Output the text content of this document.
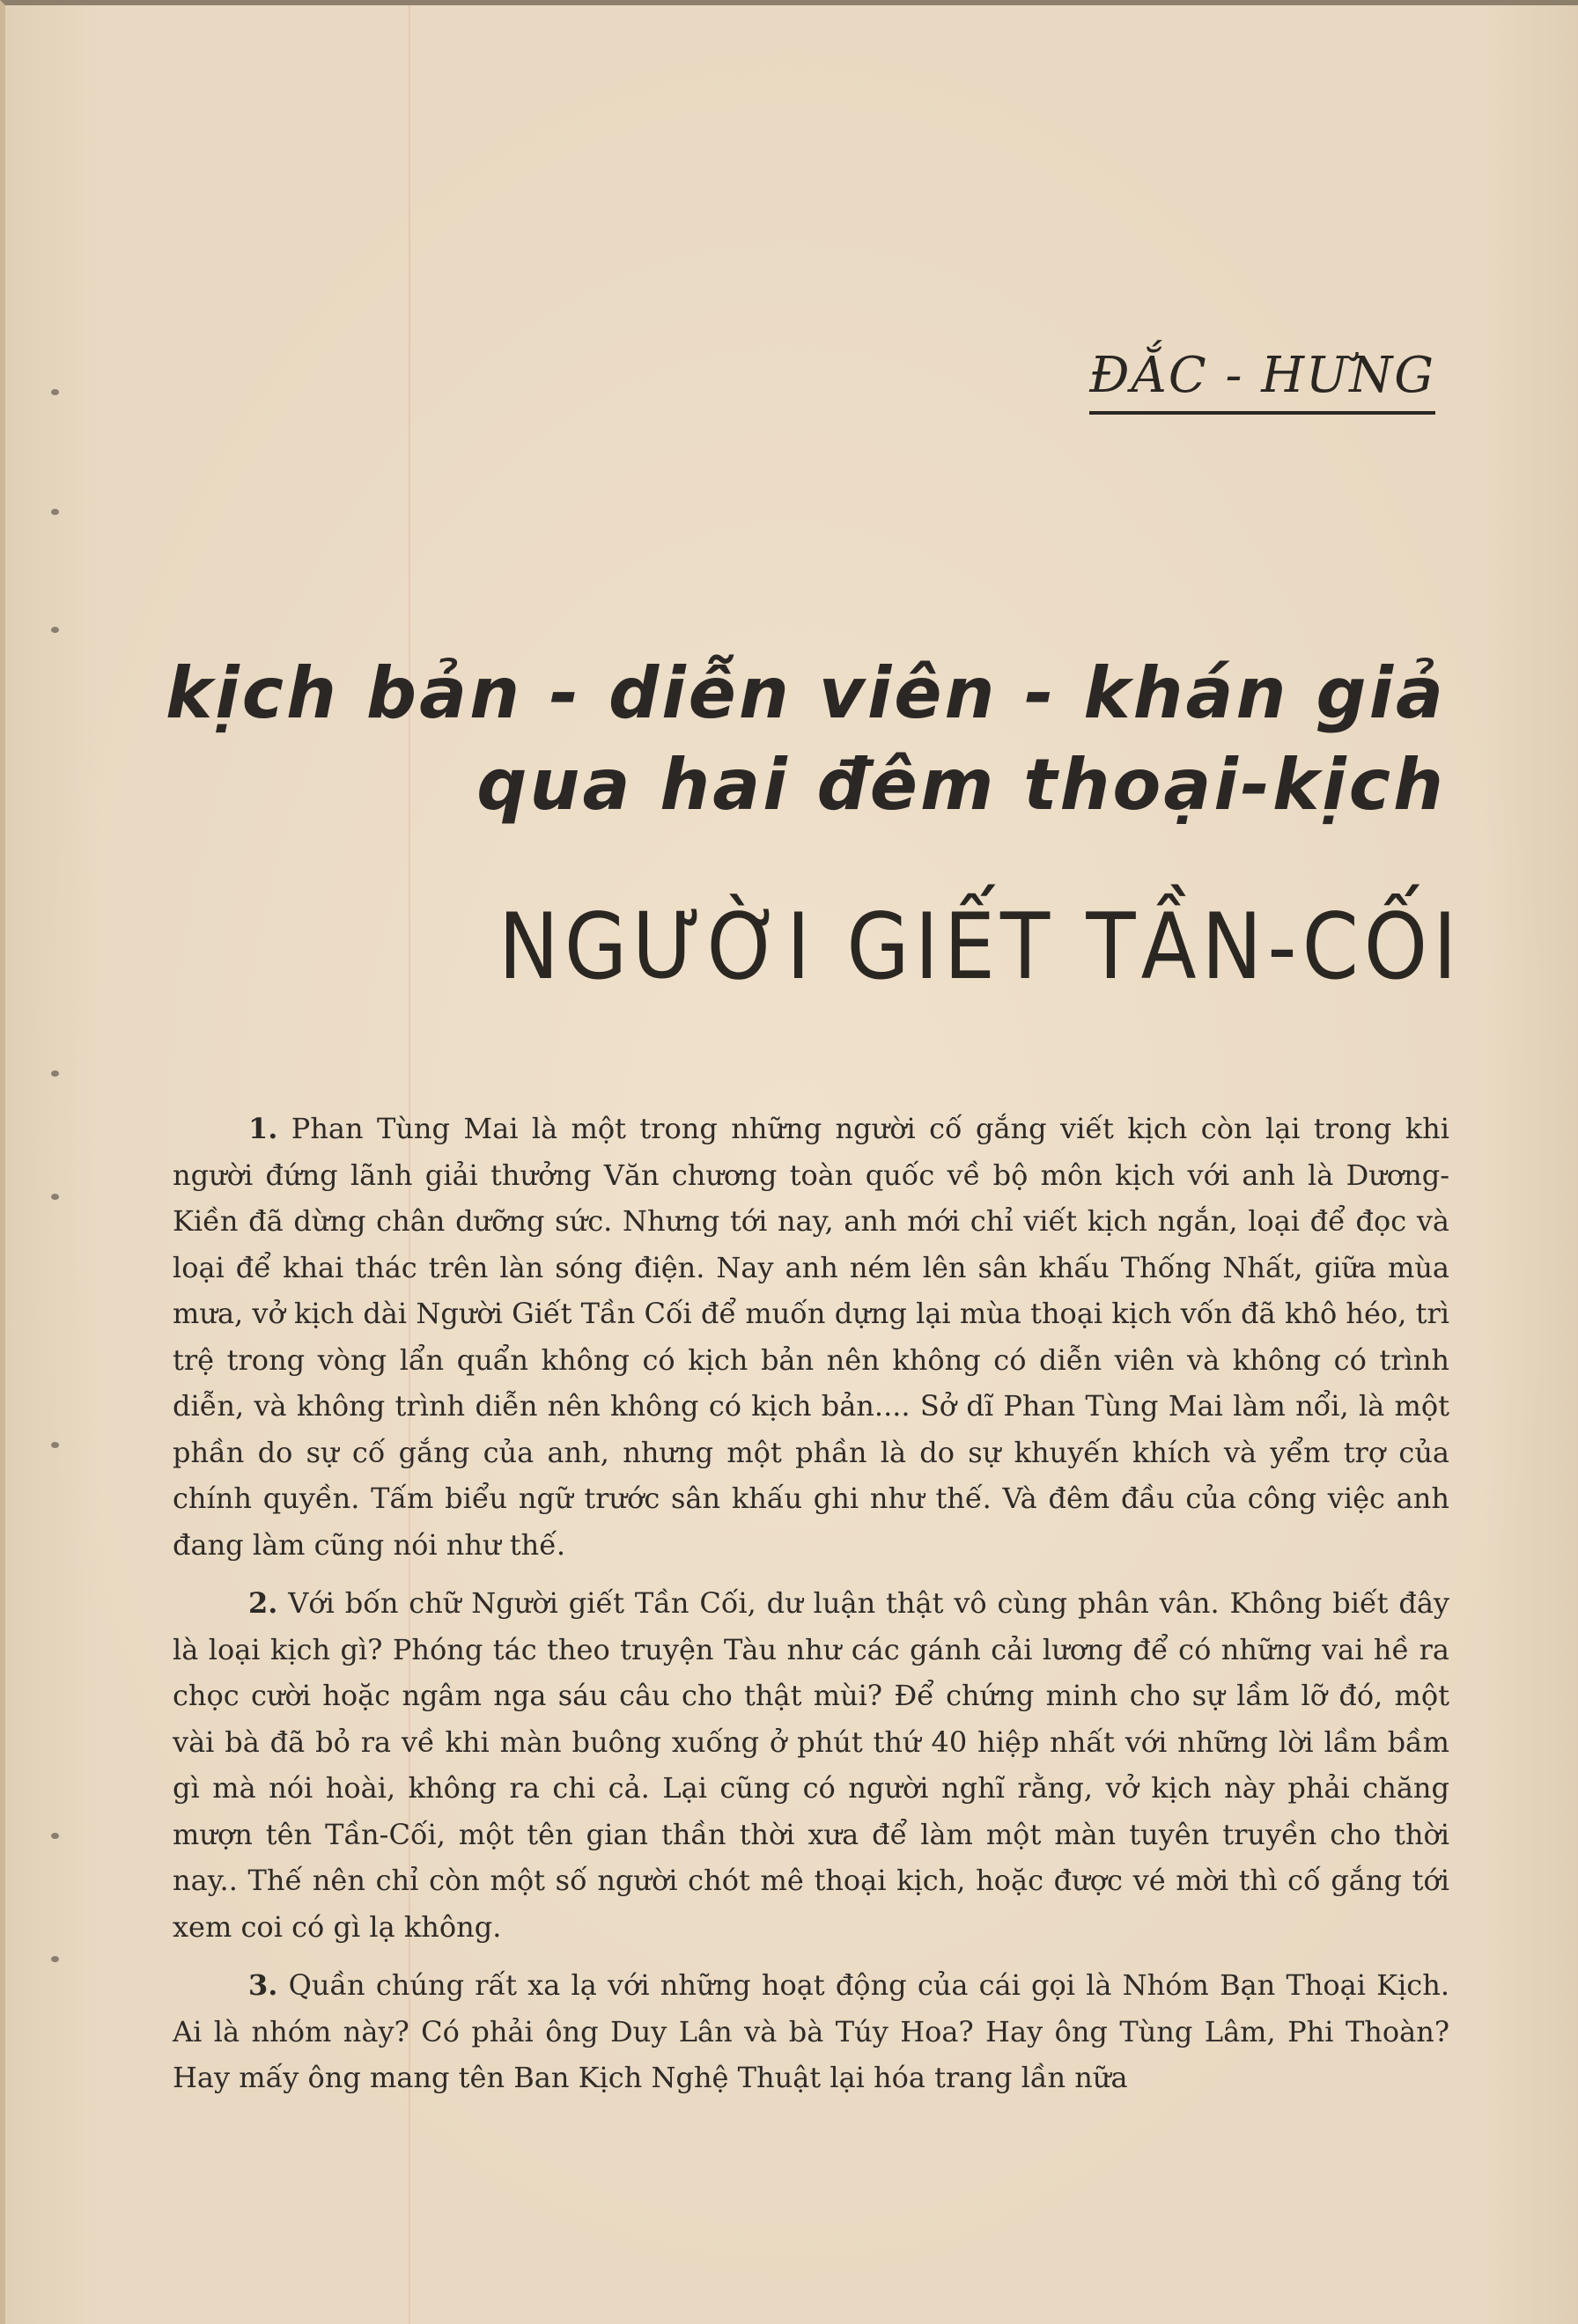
ĐẮC - HƯNG
kịch bản - diễn viên - khán giả
qua hai đêm thoại-kịch
NGƯỜI GIẾT TẦN-CỐI

1. Phan Tùng Mai là một trong những người cố gắng viết kịch còn lại trong khi người đứng lãnh giải thưởng Văn chương toàn quốc về bộ môn kịch với anh là Dương-Kiền đã dừng chân dưỡng sức. Nhưng tới nay, anh mới chỉ viết kịch ngắn, loại để đọc và loại để khai thác trên làn sóng điện. Nay anh ném lên sân khấu Thống Nhất, giữa mùa mưa, vở kịch dài Người Giết Tần Cối để muốn dựng lại mùa thoại kịch vốn đã khô héo, trì trệ trong vòng lẩn quẩn không có kịch bản nên không có diễn viên và không có trình diễn, và không trình diễn nên không có kịch bản.... Sở dĩ Phan Tùng Mai làm nổi, là một phần do sự cố gắng của anh, nhưng một phần là do sự khuyến khích và yểm trợ của chính quyền. Tấm biểu ngữ trước sân khấu ghi như thế. Và đêm đầu của công việc anh đang làm cũng nói như thế.

2. Với bốn chữ Người giết Tần Cối, dư luận thật vô cùng phân vân. Không biết đây là loại kịch gì? Phóng tác theo truyện Tàu như các gánh cải lương để có những vai hề ra chọc cười hoặc ngâm nga sáu câu cho thật mùi? Để chứng minh cho sự lầm lỡ đó, một vài bà đã bỏ ra về khi màn buông xuống ở phút thứ 40 hiệp nhất với những lời lầm bầm gì mà nói hoài, không ra chi cả. Lại cũng có người nghĩ rằng, vở kịch này phải chăng mượn tên Tần-Cối, một tên gian thần thời xưa để làm một màn tuyên truyền cho thời nay.. Thế nên chỉ còn một số người chót mê thoại kịch, hoặc được vé mời thì cố gắng tới xem coi có gì lạ không.

3. Quần chúng rất xa lạ với những hoạt động của cái gọi là Nhóm Bạn Thoại Kịch. Ai là nhóm này? Có phải ông Duy Lân và bà Túy Hoa? Hay ông Tùng Lâm, Phi Thoàn? Hay mấy ông mang tên Ban Kịch Nghệ Thuật lại hóa trang lần nữa
